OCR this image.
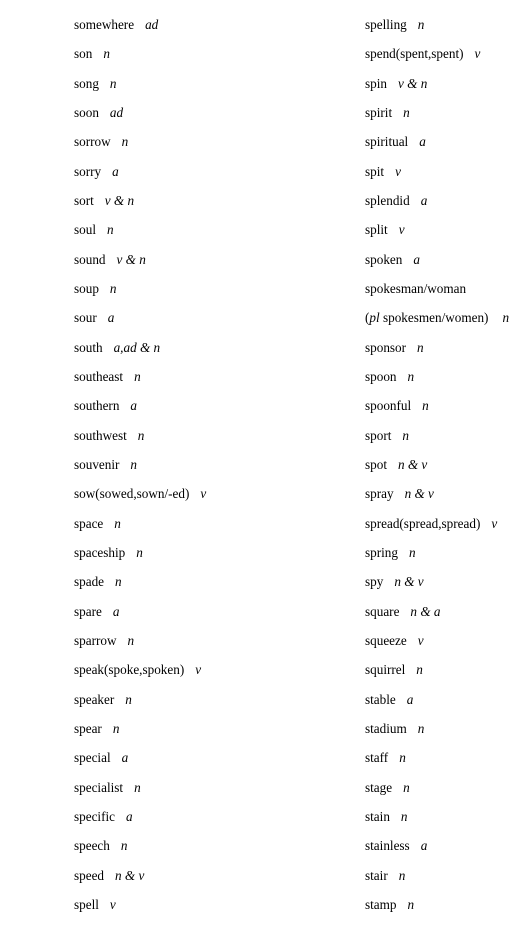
somewhere ad
son n
song n
soon ad
sorrow n
sorry a
sort v & n
soul n
sound v & n
soup n
sour a
south a,ad & n
southeast n
southern a
southwest n
souvenir n
sow(sowed,sown/-ed) v
space n
spaceship n
spade n
spare a
sparrow n
speak(spoke,spoken) v
speaker n
spear n
special a
specialist n
specific a
speech n
speed n & v
spell v
spelling n
spend(spent,spent) v
spin v & n
spirit n
spiritual a
spit v
splendid a
split v
spoken a
spokesman/woman
(pl spokesmen/women) n
sponsor n
spoon n
spoonful n
sport n
spot n & v
spray n & v
spread(spread,spread) v
spring n
spy n & v
square n & a
squeeze v
squirrel n
stable a
stadium n
staff n
stage n
stain n
stainless a
stair n
stamp n
